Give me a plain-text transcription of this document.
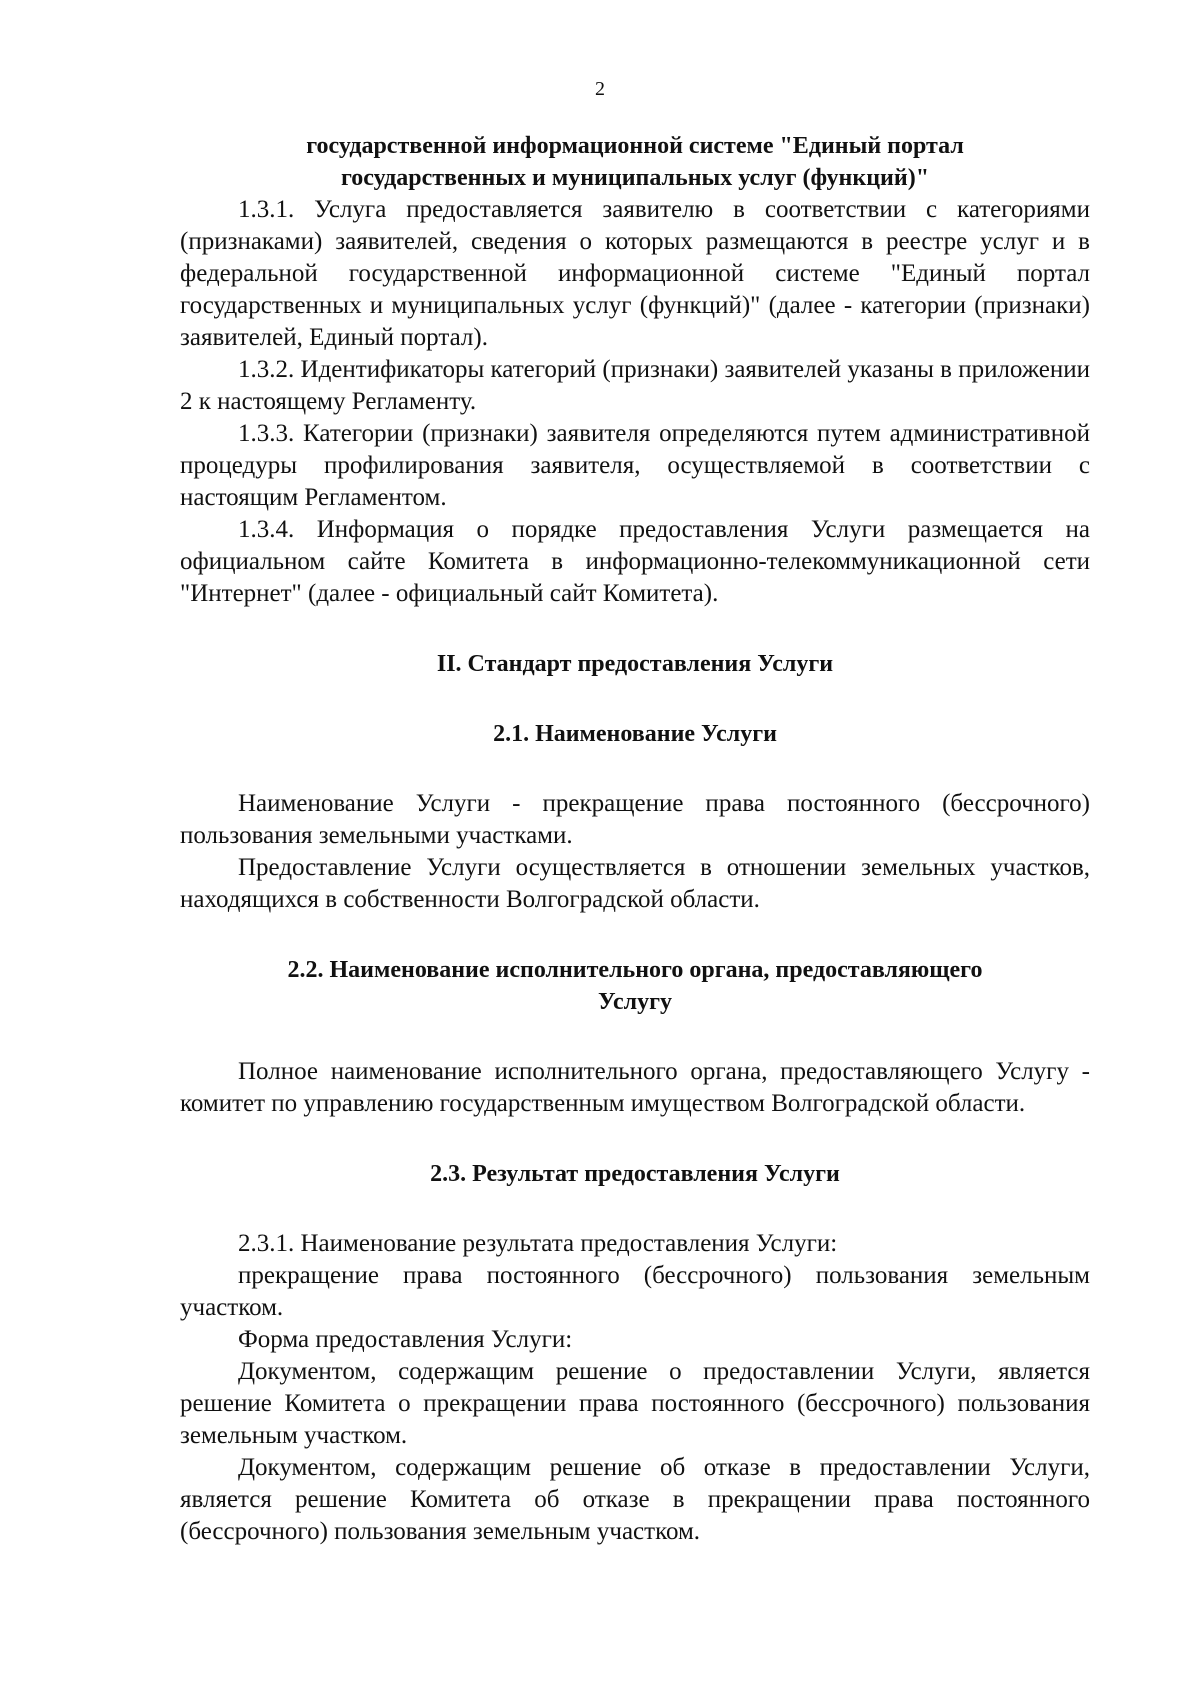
2
государственной информационной системе "Единый портал
государственных и муниципальных услуг (функций)"

1.3.1. Услуга предоставляется заявителю в соответствии с категориями (признаками) заявителей, сведения о которых размещаются в реестре услуг и в федеральной государственной информационной системе "Единый портал государственных и муниципальных услуг (функций)" (далее - категории (признаки) заявителей, Единый портал).

1.3.2. Идентификаторы категорий (признаки) заявителей указаны в приложении 2 к настоящему Регламенту.

1.3.3. Категории (признаки) заявителя определяются путем административной процедуры профилирования заявителя, осуществляемой в соответствии с настоящим Регламентом.

1.3.4. Информация о порядке предоставления Услуги размещается на официальном сайте Комитета в информационно-телекоммуникационной сети "Интернет" (далее - официальный сайт Комитета).

II. Стандарт предоставления Услуги
2.1. Наименование Услуги

Наименование Услуги - прекращение права постоянного (бессрочного) пользования земельными участками.

Предоставление Услуги осуществляется в отношении земельных участков, находящихся в собственности Волгоградской области.

2.2. Наименование исполнительного органа, предоставляющего
Услугу

Полное наименование исполнительного органа, предоставляющего Услугу - комитет по управлению государственным имуществом Волгоградской области.

2.3. Результат предоставления Услуги

2.3.1. Наименование результата предоставления Услуги:

прекращение права постоянного (бессрочного) пользования земельным участком.

Форма предоставления Услуги:

Документом, содержащим решение о предоставлении Услуги, является решение Комитета о прекращении права постоянного (бессрочного) пользования земельным участком.

Документом, содержащим решение об отказе в предоставлении Услуги, является решение Комитета об отказе в прекращении права постоянного (бессрочного) пользования земельным участком.
